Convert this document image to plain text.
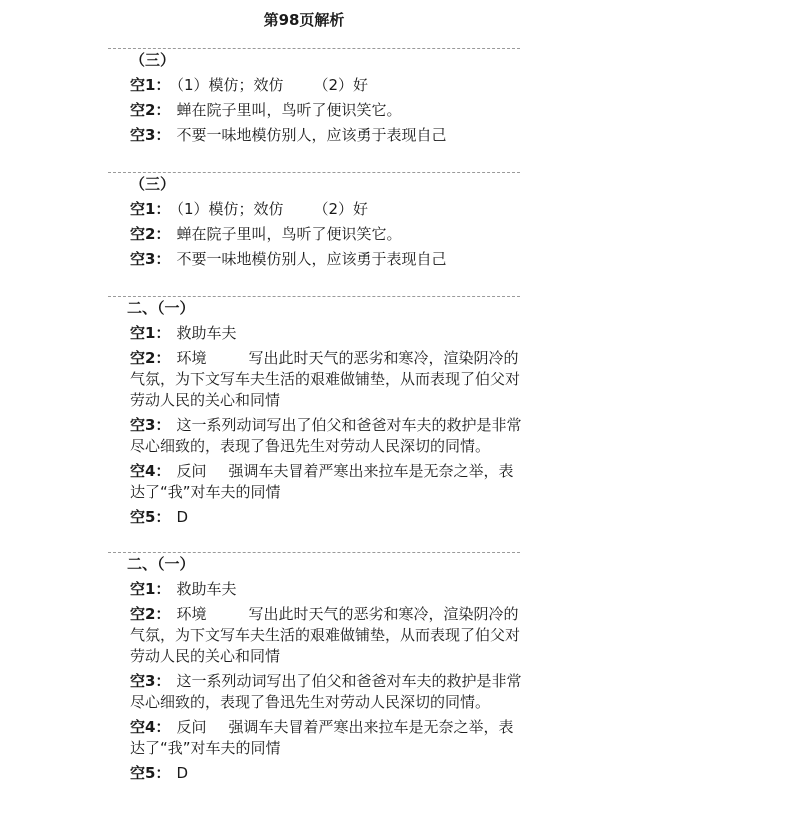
第98页解析
（三）
空1： （1）模仿；效仿 （2）好
空2： 蝉在院子里叫，鸟听了便识笑它。
空3： 不要一味地模仿别人，应该勇于表现自己
（三）
空1： （1）模仿；效仿 （2）好
空2： 蝉在院子里叫，鸟听了便识笑它。
空3： 不要一味地模仿别人，应该勇于表现自己
二、（一）
空1： 救助车夫
空2： 环境	写出此时天气的恶劣和寒冷，渲染阴冷的气氛，为下文写车夫生活的艰难做铺垫，从而表现了伯父对劳动人民的关心和同情
空3： 这一系列动词写出了伯父和爸爸对车夫的救护是非常尽心细致的，表现了鲁迅先生对劳动人民深切的同情。
空4： 反问 强调车夫冒着严寒出来拉车是无奈之举，表达了“我”对车夫的同情
空5： D
二、（一）
空1： 救助车夫
空2： 环境	写出此时天气的恶劣和寒冷，渲染阴冷的气氛，为下文写车夫生活的艰难做铺垫，从而表现了伯父对劳动人民的关心和同情
空3： 这一系列动词写出了伯父和爸爸对车夫的救护是非常尽心细致的，表现了鲁迅先生对劳动人民深切的同情。
空4： 反问 强调车夫冒着严寒出来拉车是无奈之举，表达了“我”对车夫的同情
空5： D
